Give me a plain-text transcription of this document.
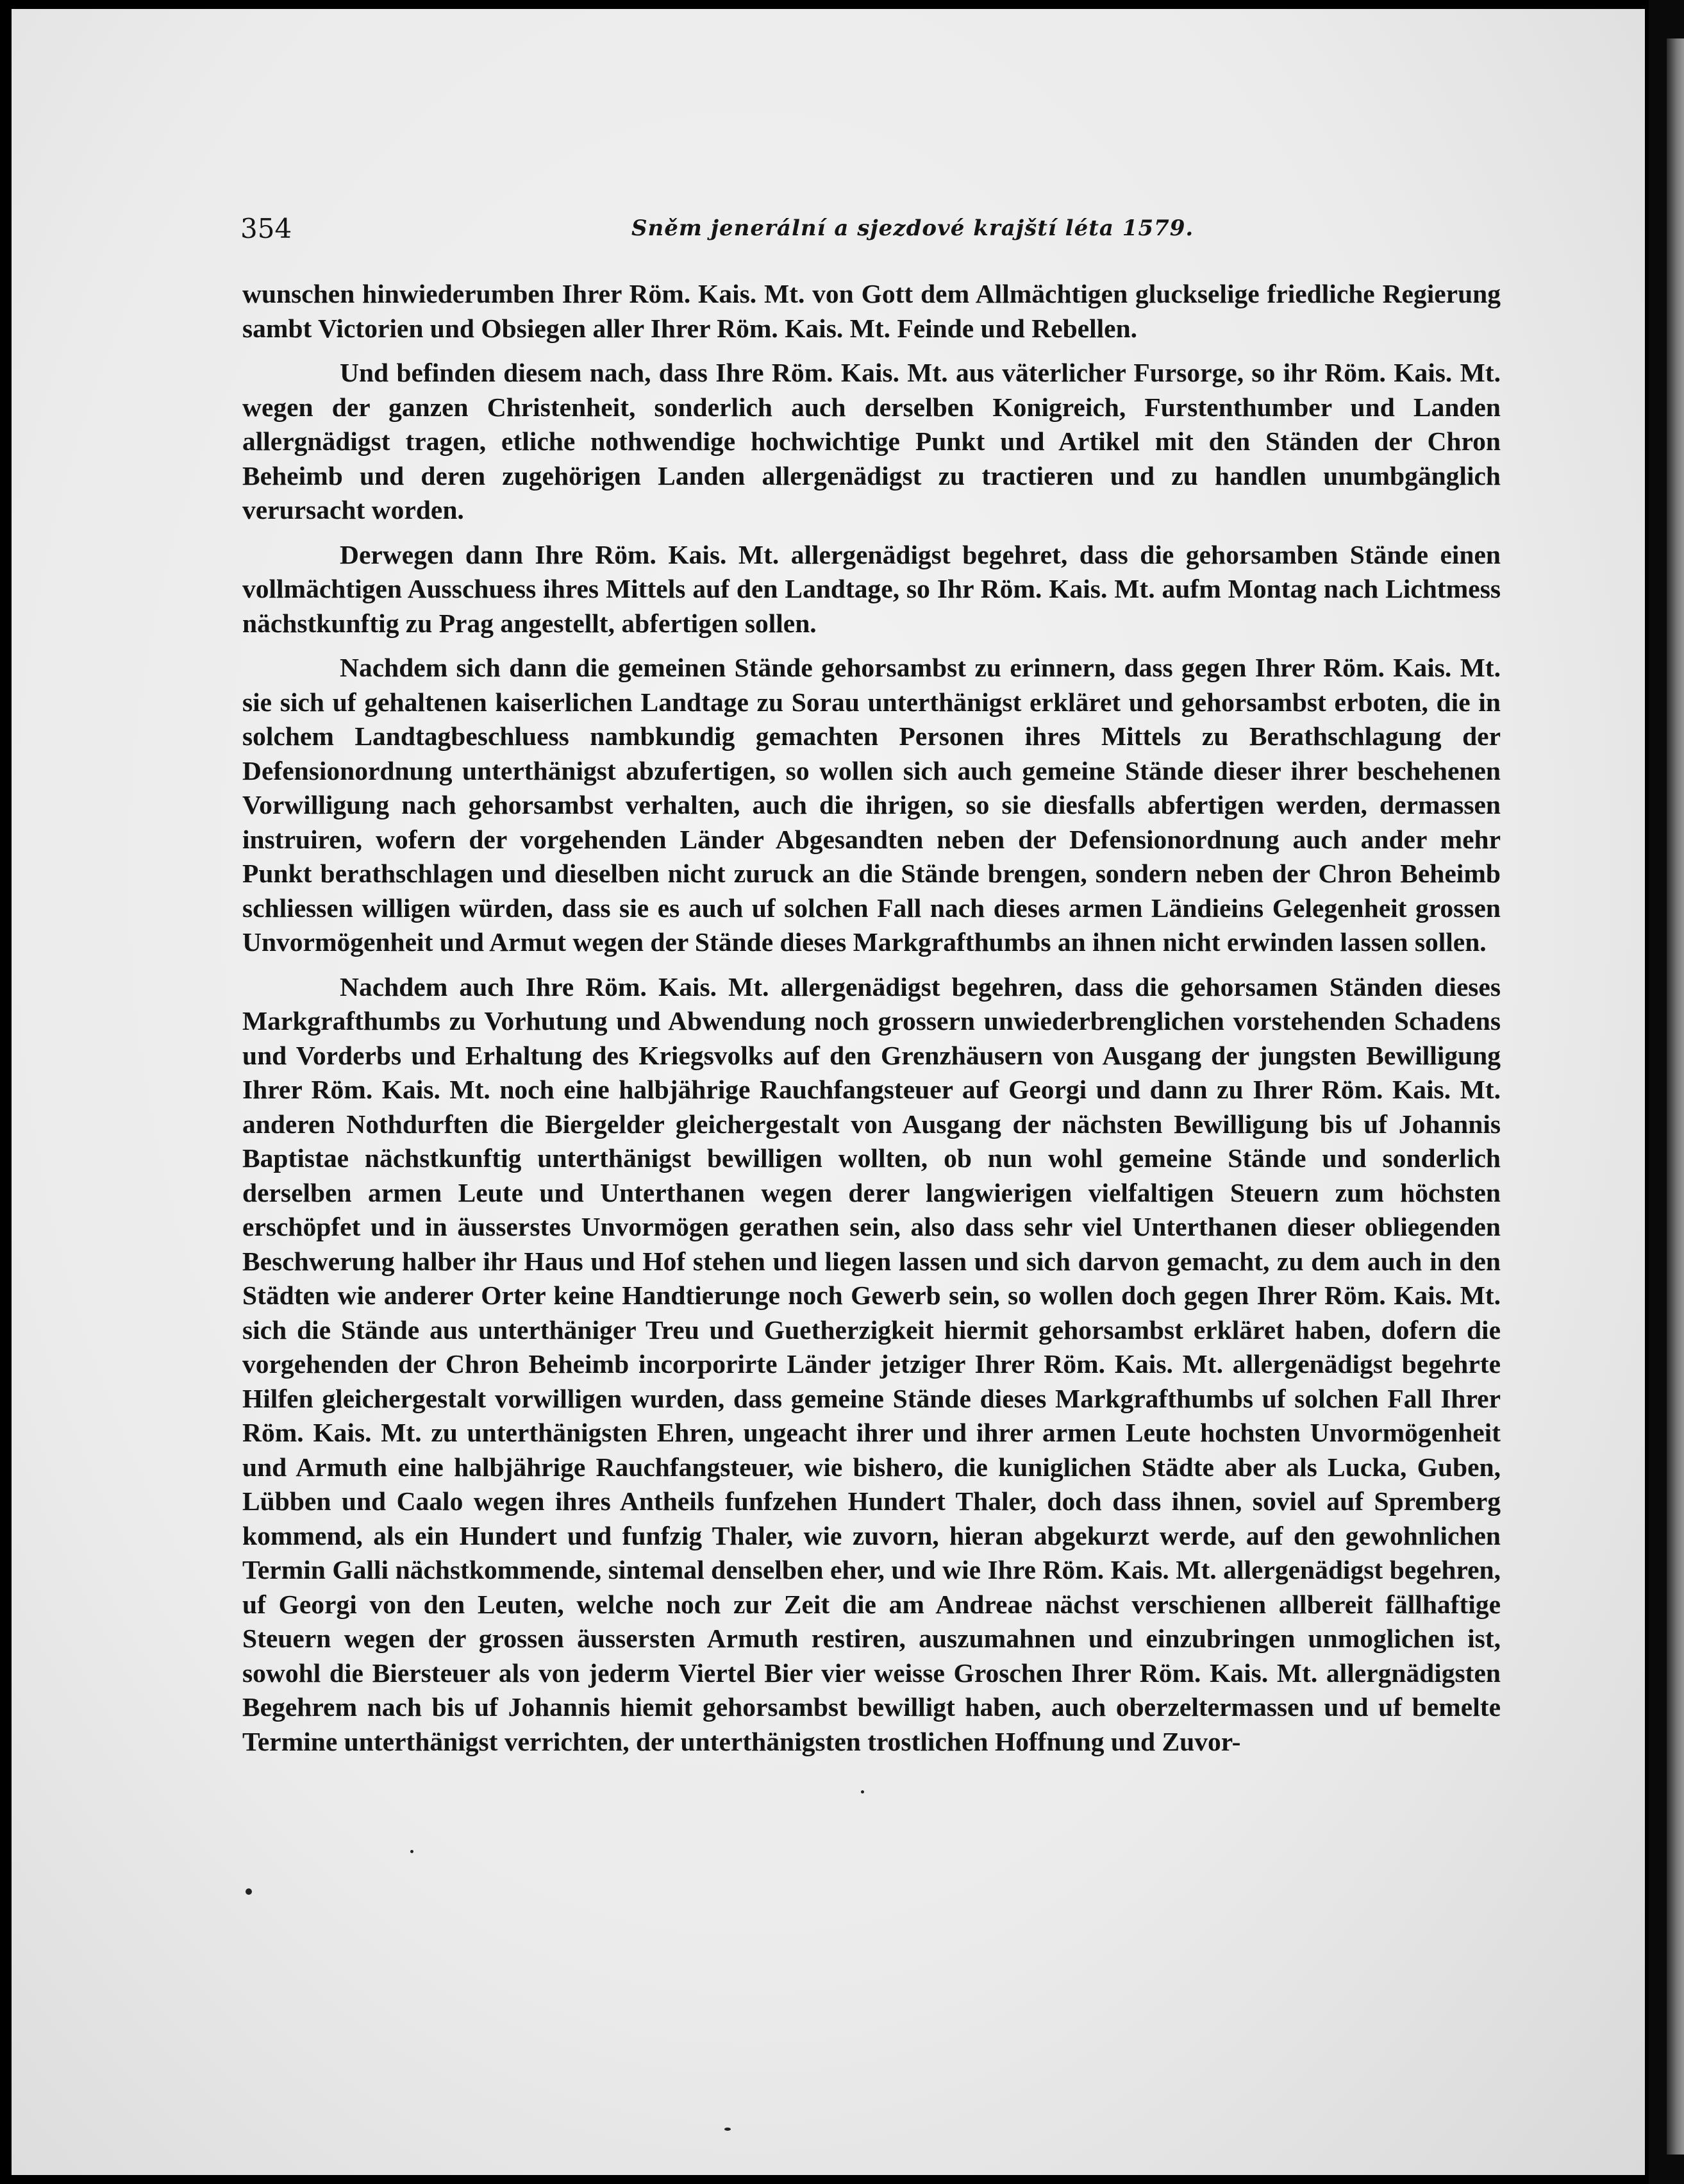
354	Sněm jenerální a sjezdové krajští léta 1579.

wunschen hinwiederumben Ihrer Röm. Kais. Mt. von Gott dem Allmächtigen gluckselige friedliche Regierung sambt Victorien und Obsiegen aller Ihrer Röm. Kais. Mt. Feinde und Rebellen.

Und befinden diesem nach, dass Ihre Röm. Kais. Mt. aus väterlicher Fursorge, so ihr Röm. Kais. Mt. wegen der ganzen Christenheit, sonderlich auch derselben Konigreich, Furstenthumber und Landen allergnädigst tragen, etliche nothwendige hochwichtige Punkt und Artikel mit den Ständen der Chron Beheimb und deren zugehörigen Landen allergenädigst zu tractieren und zu handlen unumbgänglich verursacht worden.

Derwegen dann Ihre Röm. Kais. Mt. allergenädigst begehret, dass die gehorsamben Stände einen vollmächtigen Ausschuess ihres Mittels auf den Landtage, so Ihr Röm. Kais. Mt. aufm Montag nach Lichtmess nächstkunftig zu Prag angestellt, abfertigen sollen.

Nachdem sich dann die gemeinen Stände gehorsambst zu erinnern, dass gegen Ihrer Röm. Kais. Mt. sie sich uf gehaltenen kaiserlichen Landtage zu Sorau unterthänigst erkläret und gehorsambst erboten, die in solchem Landtagbeschluess nambkundig gemachten Personen ihres Mittels zu Berathschlagung der Defensionordnung unterthänigst abzufertigen, so wollen sich auch gemeine Stände dieser ihrer beschehenen Vorwilligung nach gehorsambst verhalten, auch die ihrigen, so sie diesfalls abfertigen werden, dermassen instruiren, wofern der vorgehenden Länder Abgesandten neben der Defensionordnung auch ander mehr Punkt berathschlagen und dieselben nicht zuruck an die Stände brengen, sondern neben der Chron Beheimb schliessen willigen würden, dass sie es auch uf solchen Fall nach dieses armen Ländieins Gelegenheit grossen Unvormögenheit und Armut wegen der Stände dieses Markgrafthumbs an ihnen nicht erwinden lassen sollen.

Nachdem auch Ihre Röm. Kais. Mt. allergenädigst begehren, dass die gehorsamen Ständen dieses Markgrafthumbs zu Vorhutung und Abwendung noch grossern unwiederbrenglichen vorstehenden Schadens und Vorderbs und Erhaltung des Kriegsvolks auf den Grenzhäusern von Ausgang der jungsten Bewilligung Ihrer Röm. Kais. Mt. noch eine halbjährige Rauchfangsteuer auf Georgi und dann zu Ihrer Röm. Kais. Mt. anderen Nothdurften die Biergelder gleichergestalt von Ausgang der nächsten Bewilligung bis uf Johannis Baptistae nächstkunftig unterthänigst bewilligen wollten, ob nun wohl gemeine Stände und sonderlich derselben armen Leute und Unterthanen wegen derer langwierigen vielfaltigen Steuern zum höchsten erschöpfet und in äusserstes Unvormögen gerathen sein, also dass sehr viel Unterthanen dieser obliegenden Beschwerung halber ihr Haus und Hof stehen und liegen lassen und sich darvon gemacht, zu dem auch in den Städten wie anderer Orter keine Handtierunge noch Gewerb sein, so wollen doch gegen Ihrer Röm. Kais. Mt. sich die Stände aus unterthäniger Treu und Guetherzigkeit hiermit gehorsambst erkläret haben, dofern die vorgehenden der Chron Beheimb incorporirte Länder jetziger Ihrer Röm. Kais. Mt. allergenädigst begehrte Hilfen gleichergestalt vorwilligen wurden, dass gemeine Stände dieses Markgrafthumbs uf solchen Fall Ihrer Röm. Kais. Mt. zu unterthänigsten Ehren, ungeacht ihrer und ihrer armen Leute hochsten Unvormögenheit und Armuth eine halbjährige Rauchfangsteuer, wie bishero, die kuniglichen Städte aber als Lucka, Guben, Lübben und Caalo wegen ihres Antheils funfzehen Hundert Thaler, doch dass ihnen, soviel auf Spremberg kommend, als ein Hundert und funfzig Thaler, wie zuvorn, hieran abgekurzt werde, auf den gewohnlichen Termin Galli nächstkommende, sintemal denselben eher, und wie Ihre Röm. Kais. Mt. allergenädigst begehren, uf Georgi von den Leuten, welche noch zur Zeit die am Andreae nächst verschienen allbereit fällhaftige Steuern wegen der grossen äussersten Armuth restiren, auszumahnen und einzubringen unmoglichen ist, sowohl die Biersteuer als von jederm Viertel Bier vier weisse Groschen Ihrer Röm. Kais. Mt. allergnädigsten Begehrem nach bis uf Johannis hiemit gehorsambst bewilligt haben, auch oberzeltermassen und uf bemelte Termine unterthänigst verrichten, der unterthänigsten trostlichen Hoffnung und Zuvor-
